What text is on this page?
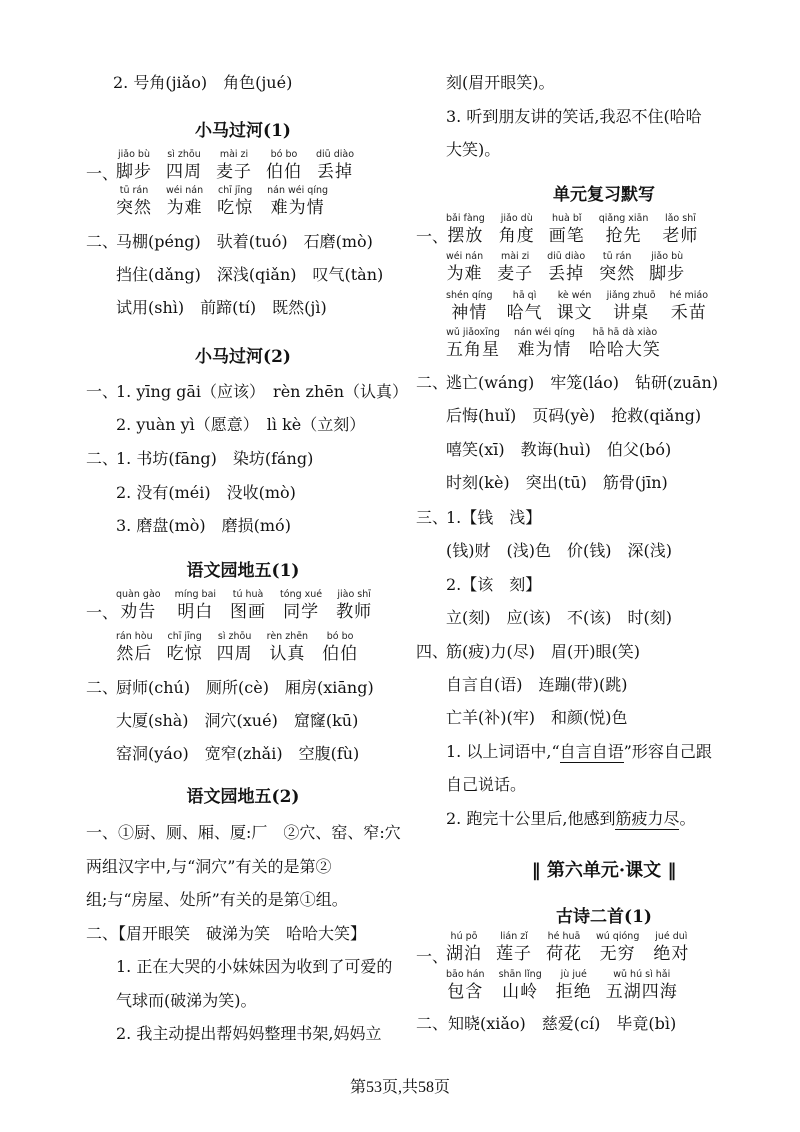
2. 号角(jiǎo)　角色(jué)
小马过河(1)
一、
jiǎo bù
脚步
sì zhōu
四周
mài zi
麦子
bó bo
伯伯
diū diào
丢掉
tū rán
突然
wéi nán
为难
chī jīng
吃惊
nán wéi qíng
难为情
二、
马棚(péng)　驮着(tuó)　石磨(mò)
挡住(dǎng)　深浅(qiǎn)　叹气(tàn)
试用(shì)　前蹄(tí)　既然(jì)
小马过河(2)
一、
1. yīng gāi（应该）　rèn zhēn（认真）
2. yuàn yì（愿意）　lì kè（立刻）
二、
1. 书坊(fāng)　染坊(fáng)
2. 没有(méi)　没收(mò)
3. 磨盘(mò)　磨损(mó)
语文园地五(1)
一、
quàn gào
劝告
míng bai
明白
tú huà
图画
tóng xué
同学
jiào shī
教师
rán hòu
然后
chī jīng
吃惊
sì zhōu
四周
rèn zhēn
认真
bó bo
伯伯
二、
厨师(chú)　厕所(cè)　厢房(xiāng)
大厦(shà)　洞穴(xué)　窟窿(kū)
窑洞(yáo)　宽窄(zhǎi)　空腹(fù)
语文园地五(2)
一、①厨、厕、厢、厦:厂　②穴、窑、窄:穴
两组汉字中,与“洞穴”有关的是第②
组;与“房屋、处所”有关的是第①组。
二、【眉开眼笑　破涕为笑　哈哈大笑】
1. 正在大哭的小妹妹因为收到了可爱的
气球而(破涕为笑)。
2. 我主动提出帮妈妈整理书架,妈妈立
刻(眉开眼笑)。
3. 听到朋友讲的笑话,我忍不住(哈哈
大笑)。
单元复习默写
一、
bǎi fàng
摆放
jiǎo dù
角度
huà bǐ
画笔
qiǎng xiān
抢先
lǎo shī
老师
wéi nán
为难
mài zi
麦子
diū diào
丢掉
tū rán
突然
jiǎo bù
脚步
shén qíng
神情
hā qì
哈气
kè wén
课文
jiǎng zhuō
讲桌
hé miáo
禾苗
wǔ jiǎoxīng
五角星
nán wéi qíng
难为情
hā hā dà xiào
哈哈大笑
二、
逃亡(wáng)　牢笼(láo)　钻研(zuān)
后悔(huǐ)　页码(yè)　抢救(qiǎng)
嘻笑(xī)　教诲(huì)　伯父(bó)
时刻(kè)　突出(tū)　筋骨(jīn)
三、
1.【钱　浅】
(钱)财　(浅)色　价(钱)　深(浅)
2.【该　刻】
立(刻)　应(该)　不(该)　时(刻)
四、
筋(疲)力(尽)　眉(开)眼(笑)
自言自(语)　连蹦(带)(跳)
亡羊(补)(牢)　和颜(悦)色
1. 以上词语中,“自言自语”形容自己跟
自己说话。
2. 跑完十公里后,他感到筋疲力尽。
‖ 第六单元·课文 ‖
古诗二首(1)
一、
hú pō
湖泊
lián zǐ
莲子
hé huā
荷花
wú qióng
无穷
jué duì
绝对
bāo hán
包含
shān lǐng
山岭
jù jué
拒绝
wǔ hú sì hǎi
五湖四海
二、知晓(xiǎo)　慈爱(cí)　毕竟(bì)
第53页,共58页
